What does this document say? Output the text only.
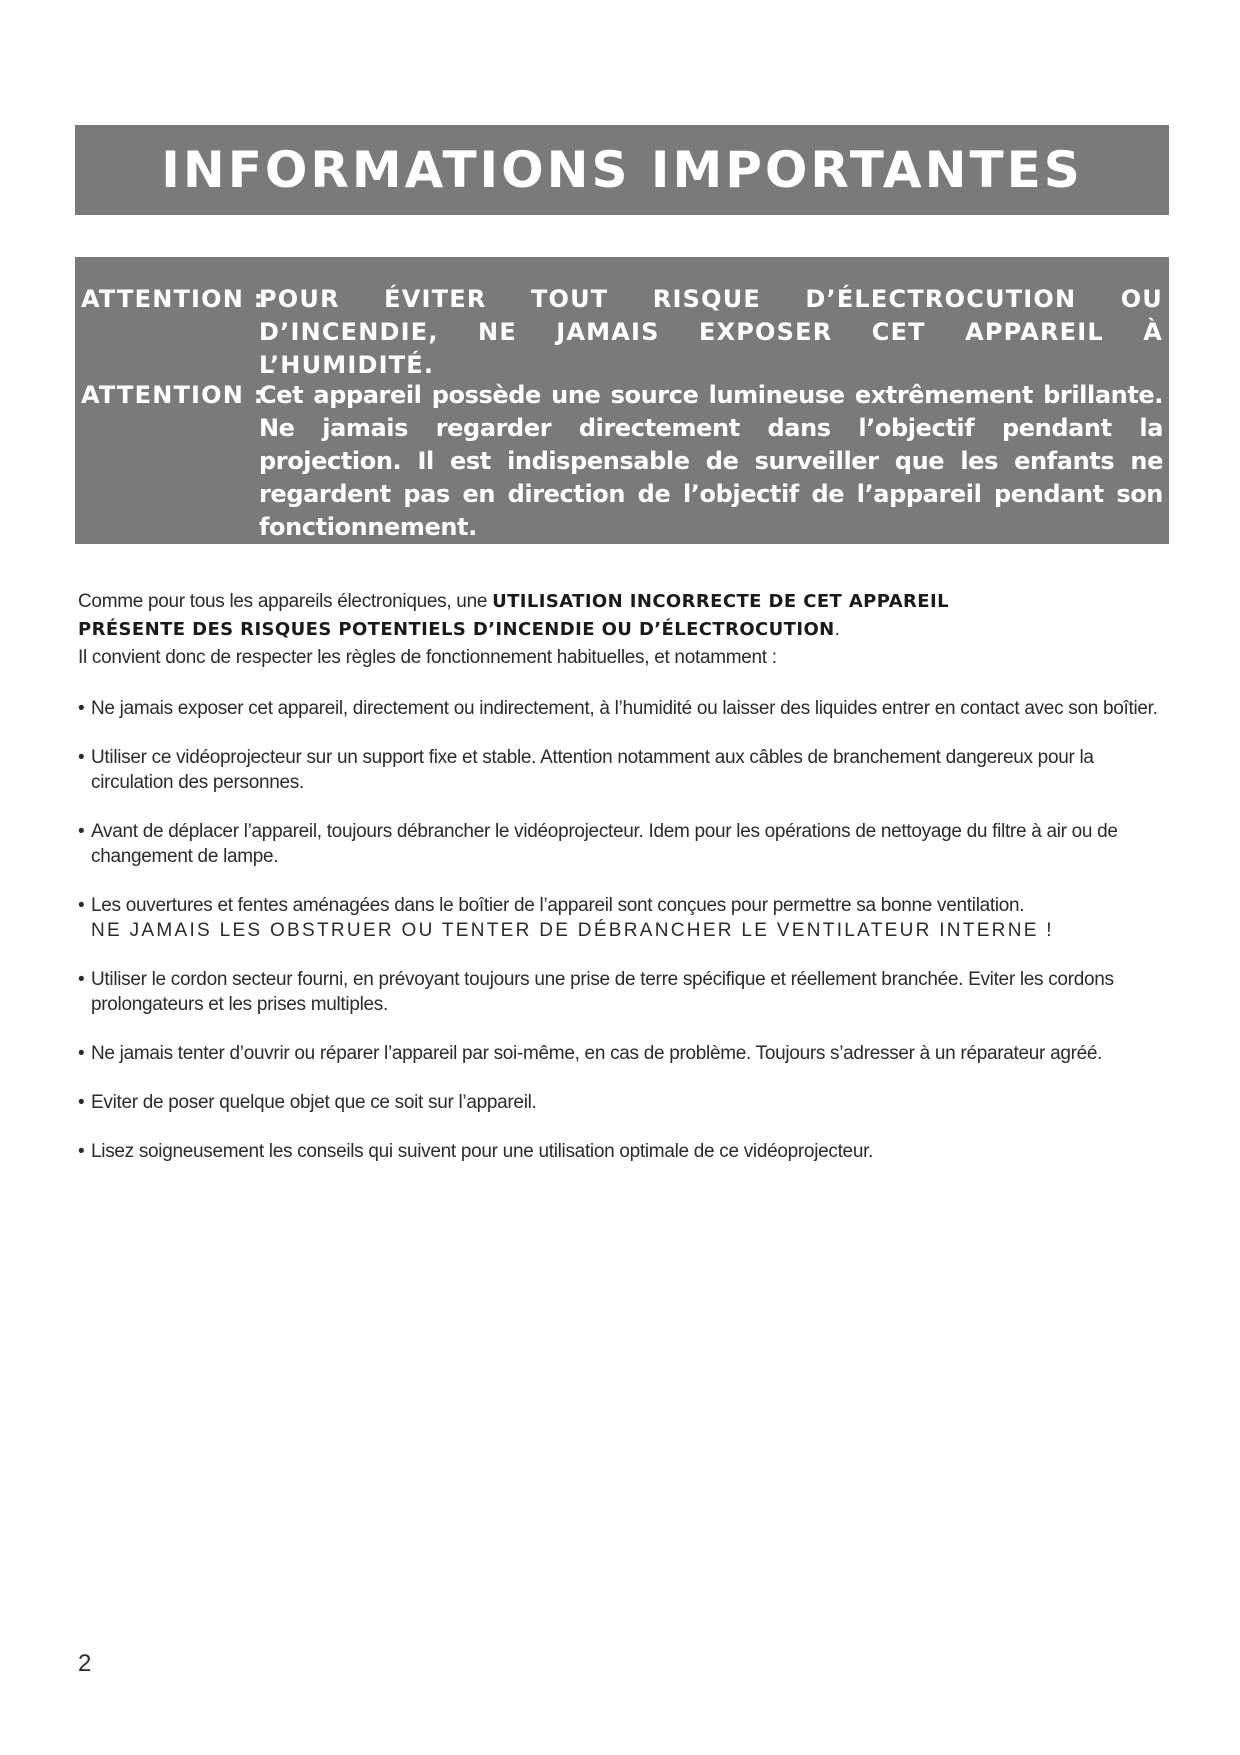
INFORMATIONS IMPORTANTES
ATTENTION :
POUR ÉVITER TOUT RISQUE D’ÉLECTROCUTION OU D’INCENDIE, NE JAMAIS EXPOSER CET APPAREIL À L’HUMIDITÉ.
ATTENTION :
Cet appareil possède une source lumineuse extrêmement brillante. Ne jamais regarder directement dans l’objectif pendant la projection. Il est indispensable de surveiller que les enfants ne regardent pas en direction de l’objectif de l’appareil pendant son fonctionnement.
Comme pour tous les appareils électroniques, une UTILISATION INCORRECTE DE CET APPAREIL
PRÉSENTE DES RISQUES POTENTIELS D’INCENDIE OU D’ÉLECTROCUTION.
Il convient donc de respecter les règles de fonctionnement habituelles, et notamment :
• Ne jamais exposer cet appareil, directement ou indirectement, à l’humidité ou laisser des liquides entrer en contact avec son boîtier.
• Utiliser ce vidéoprojecteur sur un support fixe et stable. Attention notamment aux câbles de branchement dangereux pour la circulation des personnes.
• Avant de déplacer l’appareil, toujours débrancher le vidéoprojecteur. Idem pour les opérations de nettoyage du filtre à air ou de changement de lampe.
• Les ouvertures et fentes aménagées dans le boîtier de l’appareil sont conçues pour permettre sa bonne ventilation.
NE JAMAIS LES OBSTRUER OU TENTER DE DÉBRANCHER LE VENTILATEUR INTERNE !
• Utiliser le cordon secteur fourni, en prévoyant toujours une prise de terre spécifique et réellement branchée. Eviter les cordons prolongateurs et les prises multiples.
• Ne jamais tenter d’ouvrir ou réparer l’appareil par soi-même, en cas de problème. Toujours s’adresser à un réparateur agréé.
• Eviter de poser quelque objet que ce soit sur l’appareil.
• Lisez soigneusement les conseils qui suivent pour une utilisation optimale de ce vidéoprojecteur.
2
